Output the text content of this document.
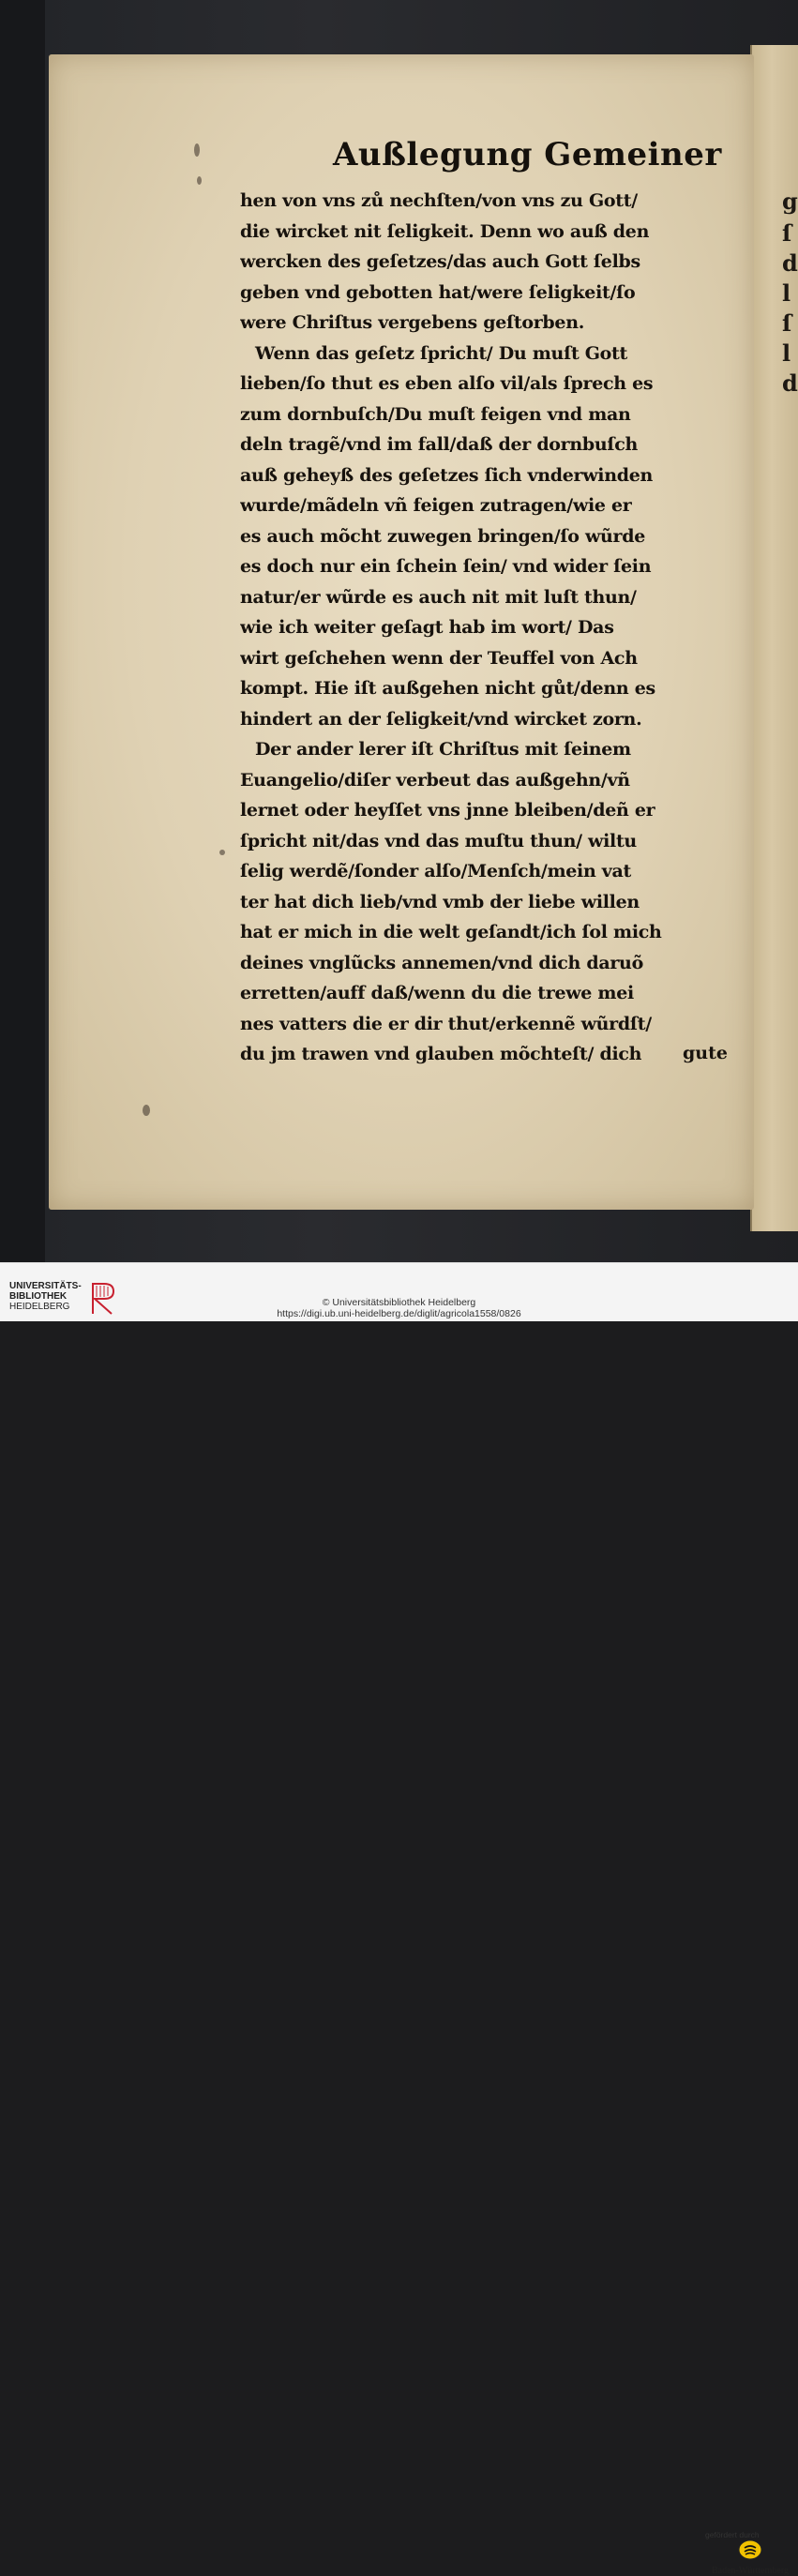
g
ſ
d
l
ſ
l
d
Außlegung Gemeiner
hen von vns zů nechſten/von vns zu Gott/
die wircket nit ſeligkeit. Denn wo auß den
wercken des geſetzes/das auch Gott ſelbs
geben vnd gebotten hat/were ſeligkeit/ſo
were Chriſtus vergebens geſtorben.
Wenn das geſetz ſpricht/ Du muſt Gott
lieben/ſo thut es eben alſo vil/als ſprech es
zum dornbuſch/Du muſt feigen vnd man
deln tragẽ/vnd im fall/daß der dornbuſch
auß geheyß des geſetzes ſich vnderwinden
wurde/mãdeln vñ feigen zutragen/wie er
es auch mõcht zuwegen bringen/ſo wũrde
es doch nur ein ſchein ſein/ vnd wider ſein
natur/er wũrde es auch nit mit luſt thun/
wie ich weiter geſagt hab im wort/ Das
wirt geſchehen wenn der Teuffel von Ach
kompt. Hie iſt außgehen nicht gůt/denn es
hindert an der ſeligkeit/vnd wircket zorn.
Der ander lerer iſt Chriſtus mit ſeinem
Euangelio/diſer verbeut das außgehn/vñ
lernet oder heyſſet vns jnne bleiben/deñ er
ſpricht nit/das vnd das muſtu thun/ wiltu
ſelig werdẽ/ſonder alſo/Menſch/mein vat
ter hat dich lieb/vnd vmb der liebe willen
hat er mich in die welt geſandt/ich ſol mich
deines vnglũcks annemen/vnd dich daruõ
erretten/auff daß/wenn du die trewe mei
nes vatters die er dir thut/erkennẽ wũrdſt/
du jm trawen vnd glauben mõchteſt/ dich	gute
UNIVERSITÄTS-
BIBLIOTHEK
HEIDELBERG
gefördert durch
Baden-Württemberg
© Universitätsbibliothek Heidelberg
https://digi.ub.uni-heidelberg.de/diglit/agricola1558/0826
